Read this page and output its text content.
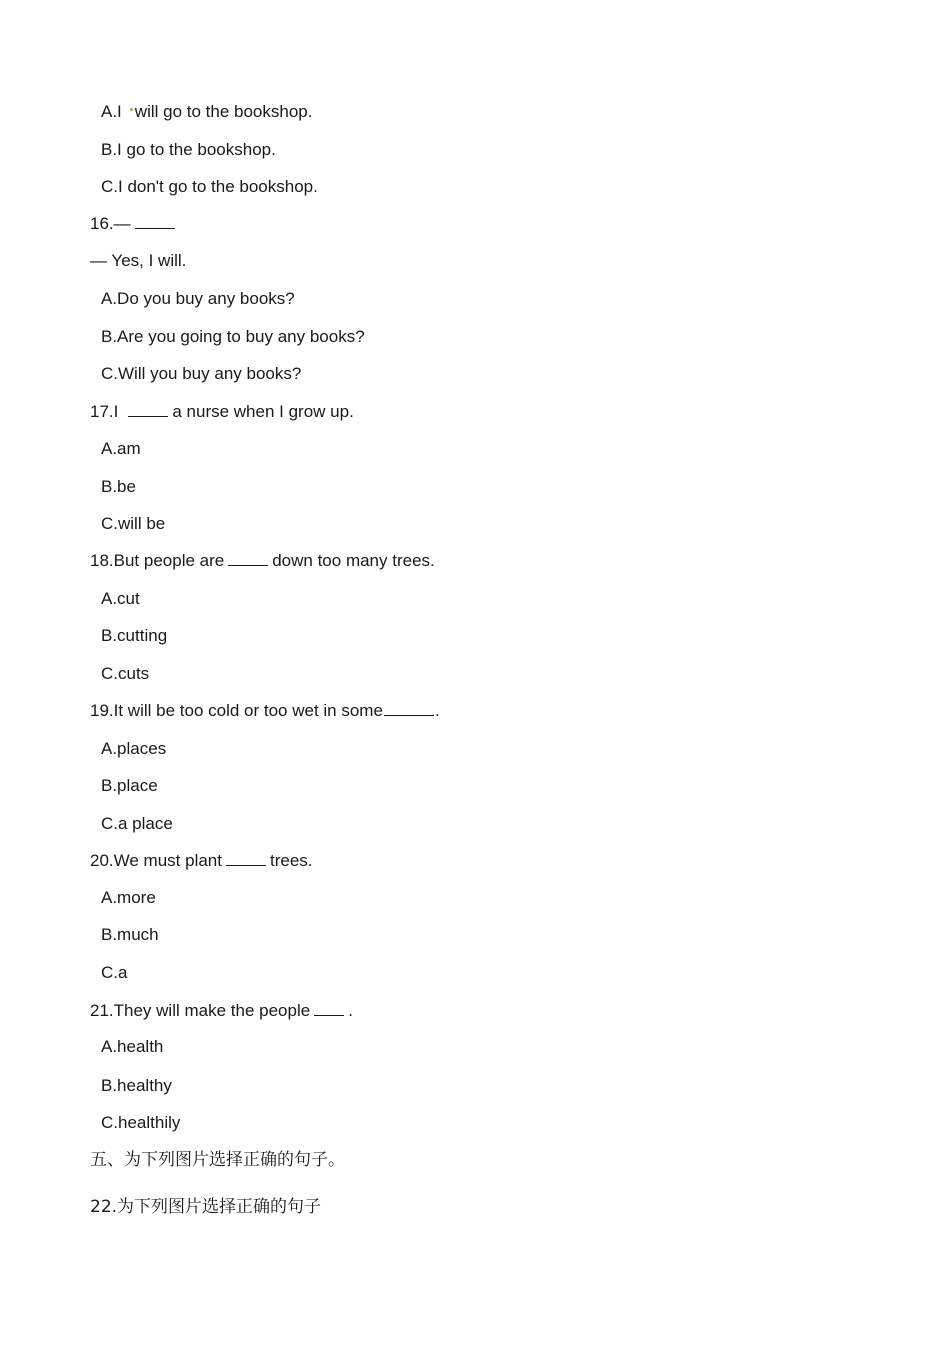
A.I will go to the bookshop.
B.I go to the bookshop.
C.I don't go to the bookshop.
16.—
— Yes, I will.
A.Do you buy any books?
B.Are you going to buy any books?
C.Will you buy any books?
17.I	a nurse when I grow up.
A.am
B.be
C.will be
18.But people are	down too many trees.
A.cut
B.cutting
C.cuts
19.It will be too cold or too wet in some	.
A.places
B.place
C.a place
20.We must plant	trees.
A.more
B.much
C.a
21.They will make the people .
A.health
B.healthy
C.healthily
五、为下列图片选择正确的句子。
22.为下列图片选择正确的句子
